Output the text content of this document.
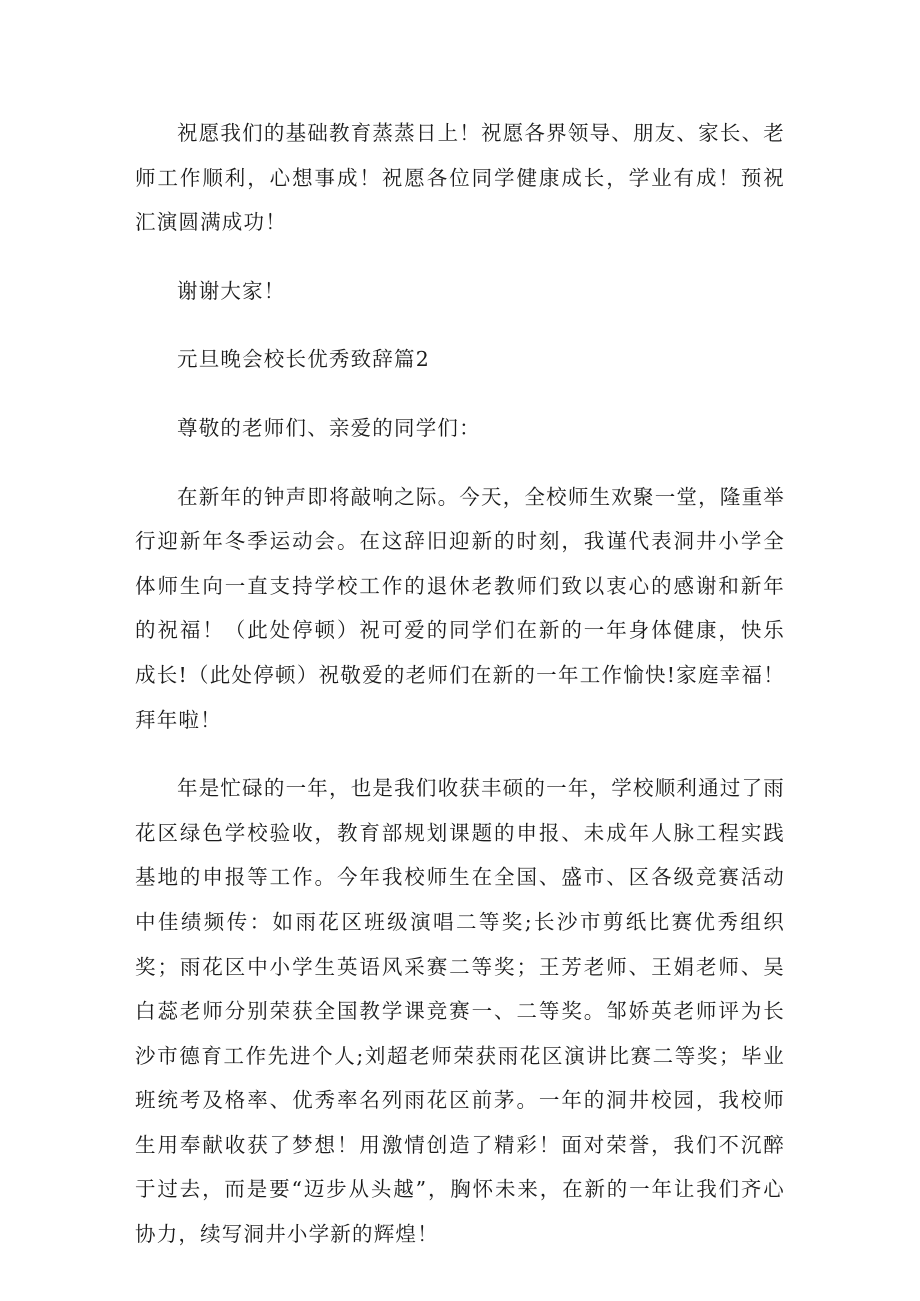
祝愿我们的基础教育蒸蒸日上！祝愿各界领导、朋友、家长、老师工作顺利，心想事成！祝愿各位同学健康成长，学业有成！预祝汇演圆满成功！

谢谢大家！

元旦晚会校长优秀致辞篇2

尊敬的老师们、亲爱的同学们：

在新年的钟声即将敲响之际。今天，全校师生欢聚一堂，隆重举行迎新年冬季运动会。在这辞旧迎新的时刻，我谨代表洞井小学全体师生向一直支持学校工作的退休老教师们致以衷心的感谢和新年的祝福！（此处停顿）祝可爱的同学们在新的一年身体健康，快乐成长!（此处停顿）祝敬爱的老师们在新的一年工作愉快!家庭幸福！拜年啦！

年是忙碌的一年，也是我们收获丰硕的一年，学校顺利通过了雨花区绿色学校验收，教育部规划课题的申报、未成年人脉工程实践基地的申报等工作。今年我校师生在全国、盛市、区各级竞赛活动中佳绩频传：如雨花区班级演唱二等奖;长沙市剪纸比赛优秀组织奖；雨花区中小学生英语风采赛二等奖；王芳老师、王娟老师、吴白蕊老师分别荣获全国教学课竞赛一、二等奖。邹娇英老师评为长沙市德育工作先进个人;刘超老师荣获雨花区演讲比赛二等奖；毕业班统考及格率、优秀率名列雨花区前茅。一年的洞井校园，我校师生用奉献收获了梦想！用激情创造了精彩！面对荣誉，我们不沉醉于过去，而是要“迈步从头越”，胸怀未来，在新的一年让我们齐心协力，续写洞井小学新的辉煌！
